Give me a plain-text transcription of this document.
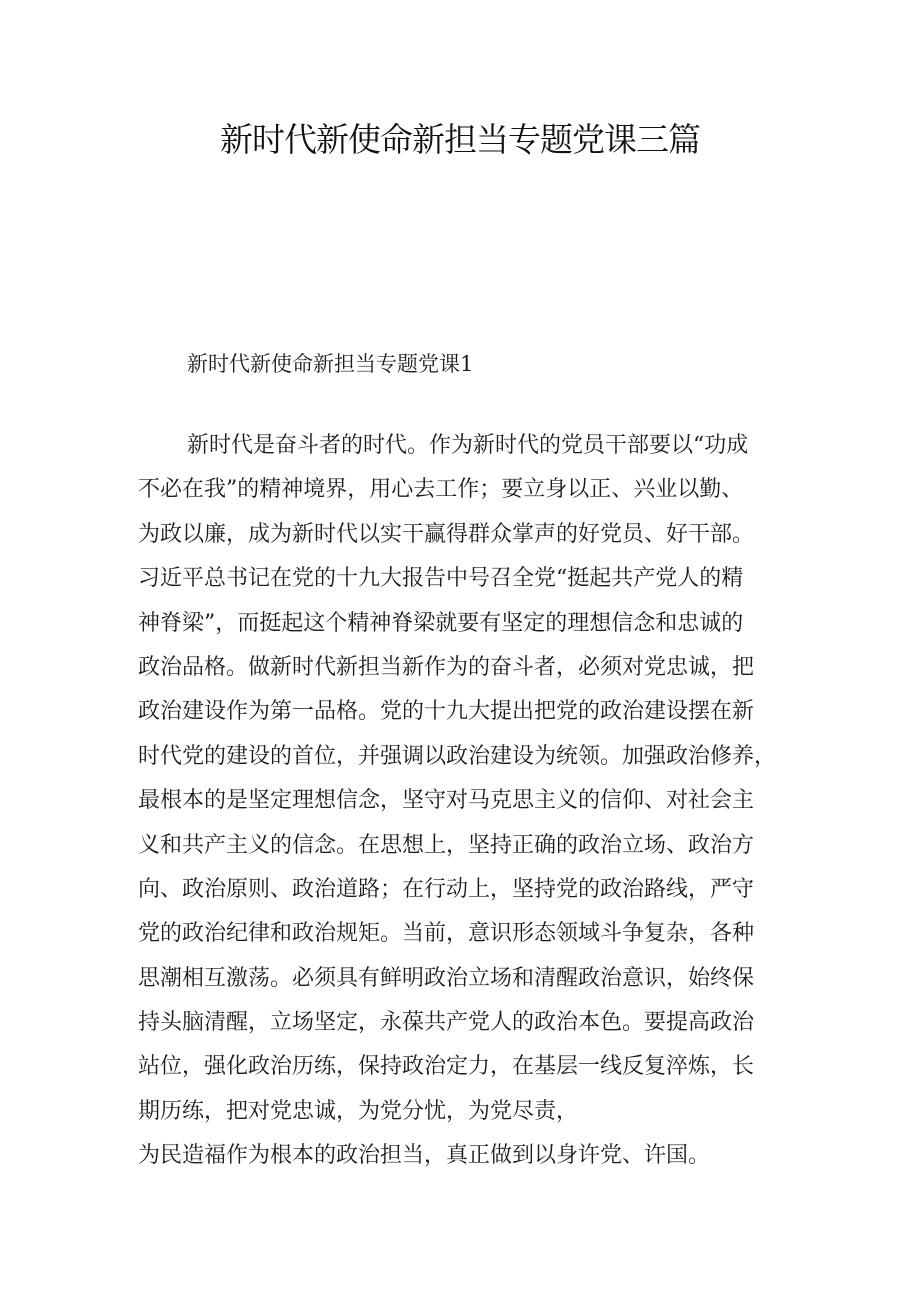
新时代新使命新担当专题党课三篇
新时代新使命新担当专题党课1
新时代是奋斗者的时代。作为新时代的党员干部要以“功成
不必在我”的精神境界，用心去工作；要立身以正、兴业以勤、
为政以廉，成为新时代以实干赢得群众掌声的好党员、好干部。
习近平总书记在党的十九大报告中号召全党“挺起共产党人的精
神脊梁”，而挺起这个精神脊梁就要有坚定的理想信念和忠诚的
政治品格。做新时代新担当新作为的奋斗者，必须对党忠诚，把
政治建设作为第一品格。党的十九大提出把党的政治建设摆在新
时代党的建设的首位，并强调以政治建设为统领。加强政治修养，
最根本的是坚定理想信念，坚守对马克思主义的信仰、对社会主
义和共产主义的信念。在思想上，坚持正确的政治立场、政治方
向、政治原则、政治道路；在行动上，坚持党的政治路线，严守
党的政治纪律和政治规矩。当前，意识形态领域斗争复杂，各种
思潮相互激荡。必须具有鲜明政治立场和清醒政治意识，始终保
持头脑清醒，立场坚定，永葆共产党人的政治本色。要提高政治
站位，强化政治历练，保持政治定力，在基层一线反复淬炼，长
期历练，把对党忠诚，为党分忧，为党尽责，
为民造福作为根本的政治担当，真正做到以身许党、许国。
